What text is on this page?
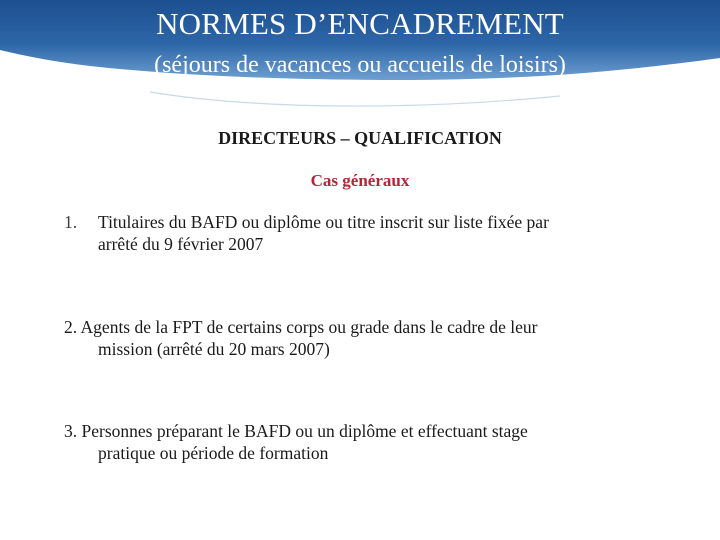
NORMES D’ENCADREMENT
(séjours de vacances ou accueils de loisirs)
DIRECTEURS – QUALIFICATION
Cas généraux
1. Titulaires du BAFD ou diplôme ou titre inscrit sur liste fixée par
arrêté du 9 février 2007
2. Agents de la FPT de certains corps ou grade dans le cadre de leur
mission (arrêté du 20 mars 2007)
3. Personnes préparant le BAFD ou un diplôme et effectuant stage
pratique ou période de formation
